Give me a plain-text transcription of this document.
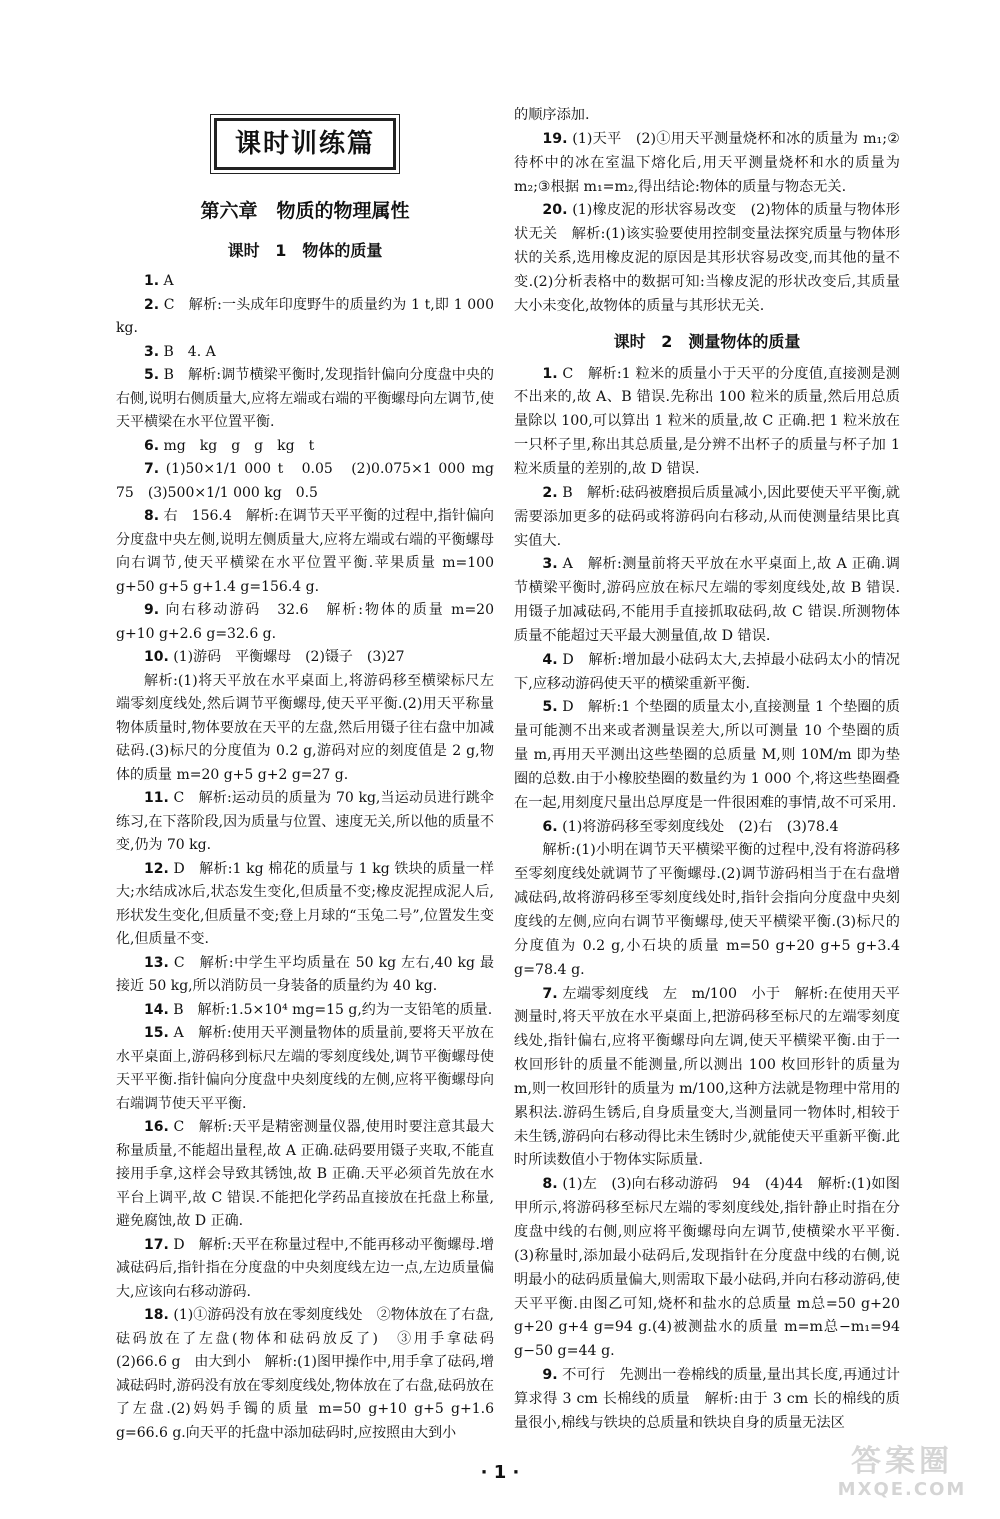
课时训练篇
第六章　物质的物理属性
课时 1　物体的质量

1. A

2. C　解析:一头成年印度野牛的质量约为 1 t,即 1 000 kg.

3. B　4. A

5. B　解析:调节横梁平衡时,发现指针偏向分度盘中央的右侧,说明右侧质量大,应将左端或右端的平衡螺母向左调节,使天平横梁在水平位置平衡.

6. mg　kg　g　g　kg　t

7. (1)50×1/1 000 t　0.05　(2)0.075×1 000 mg　75　(3)500×1/1 000 kg　0.5

8. 右　156.4　解析:在调节天平平衡的过程中,指针偏向分度盘中央左侧,说明左侧质量大,应将左端或右端的平衡螺母向右调节,使天平横梁在水平位置平衡.苹果质量 m=100 g+50 g+5 g+1.4 g=156.4 g.

9. 向右移动游码　32.6　解析:物体的质量 m=20 g+10 g+2.6 g=32.6 g.

10. (1)游码　平衡螺母　(2)镊子　(3)27

解析:(1)将天平放在水平桌面上,将游码移至横梁标尺左端零刻度线处,然后调节平衡螺母,使天平平衡.(2)用天平称量物体质量时,物体要放在天平的左盘,然后用镊子往右盘中加减砝码.(3)标尺的分度值为 0.2 g,游码对应的刻度值是 2 g,物体的质量 m=20 g+5 g+2 g=27 g.

11. C　解析:运动员的质量为 70 kg,当运动员进行跳伞练习,在下落阶段,因为质量与位置、速度无关,所以他的质量不变,仍为 70 kg.

12. D　解析:1 kg 棉花的质量与 1 kg 铁块的质量一样大;水结成冰后,状态发生变化,但质量不变;橡皮泥捏成泥人后,形状发生变化,但质量不变;登上月球的“玉兔二号”,位置发生变化,但质量不变.

13. C　解析:中学生平均质量在 50 kg 左右,40 kg 最接近 50 kg,所以消防员一身装备的质量约为 40 kg.

14. B　解析:1.5×10⁴ mg=15 g,约为一支铅笔的质量.

15. A　解析:使用天平测量物体的质量前,要将天平放在水平桌面上,游码移到标尺左端的零刻度线处,调节平衡螺母使天平平衡.指针偏向分度盘中央刻度线的左侧,应将平衡螺母向右端调节使天平平衡.

16. C　解析:天平是精密测量仪器,使用时要注意其最大称量质量,不能超出量程,故 A 正确.砝码要用镊子夹取,不能直接用手拿,这样会导致其锈蚀,故 B 正确.天平必须首先放在水平台上调平,故 C 错误.不能把化学药品直接放在托盘上称量,避免腐蚀,故 D 正确.

17. D　解析:天平在称量过程中,不能再移动平衡螺母.增减砝码后,指针指在分度盘的中央刻度线左边一点,左边质量偏大,应该向右移动游码.

18. (1)①游码没有放在零刻度线处　②物体放在了右盘,砝码放在了左盘(物体和砝码放反了)　③用手拿砝码　(2)66.6 g　由大到小　解析:(1)图甲操作中,用手拿了砝码,增减砝码时,游码没有放在零刻度线处,物体放在了右盘,砝码放在了左盘.(2)妈妈手镯的质量 m=50 g+10 g+5 g+1.6 g=66.6 g.向天平的托盘中添加砝码时,应按照由大到小

的顺序添加.

19. (1)天平　(2)①用天平测量烧杯和冰的质量为 m₁;②待杯中的冰在室温下熔化后,用天平测量烧杯和水的质量为 m₂;③根据 m₁=m₂,得出结论:物体的质量与物态无关.

20. (1)橡皮泥的形状容易改变　(2)物体的质量与物体形状无关　解析:(1)该实验要使用控制变量法探究质量与物体形状的关系,选用橡皮泥的原因是其形状容易改变,而其他的量不变.(2)分析表格中的数据可知:当橡皮泥的形状改变后,其质量大小未变化,故物体的质量与其形状无关.

课时 2　测量物体的质量

1. C　解析:1 粒米的质量小于天平的分度值,直接测是测不出来的,故 A、B 错误.先称出 100 粒米的质量,然后用总质量除以 100,可以算出 1 粒米的质量,故 C 正确.把 1 粒米放在一只杯子里,称出其总质量,是分辨不出杯子的质量与杯子加 1 粒米质量的差别的,故 D 错误.

2. B　解析:砝码被磨损后质量减小,因此要使天平平衡,就需要添加更多的砝码或将游码向右移动,从而使测量结果比真实值大.

3. A　解析:测量前将天平放在水平桌面上,故 A 正确.调节横梁平衡时,游码应放在标尺左端的零刻度线处,故 B 错误.用镊子加减砝码,不能用手直接抓取砝码,故 C 错误.所测物体质量不能超过天平最大测量值,故 D 错误.

4. D　解析:增加最小砝码太大,去掉最小砝码太小的情况下,应移动游码使天平的横梁重新平衡.

5. D　解析:1 个垫圈的质量太小,直接测量 1 个垫圈的质量可能测不出来或者测量误差大,所以可测量 10 个垫圈的质量 m,再用天平测出这些垫圈的总质量 M,则 10M/m 即为垫圈的总数.由于小橡胶垫圈的数量约为 1 000 个,将这些垫圈叠在一起,用刻度尺量出总厚度是一件很困难的事情,故不可采用.

6. (1)将游码移至零刻度线处　(2)右　(3)78.4

解析:(1)小明在调节天平横梁平衡的过程中,没有将游码移至零刻度线处就调节了平衡螺母.(2)调节游码相当于在右盘增减砝码,故将游码移至零刻度线处时,指针会指向分度盘中央刻度线的左侧,应向右调节平衡螺母,使天平横梁平衡.(3)标尺的分度值为 0.2 g,小石块的质量 m=50 g+20 g+5 g+3.4 g=78.4 g.

7. 左端零刻度线　左　m/100　小于　解析:在使用天平测量时,将天平放在水平桌面上,把游码移至标尺的左端零刻度线处,指针偏右,应将平衡螺母向左调,使天平横梁平衡.由于一枚回形针的质量不能测量,所以测出 100 枚回形针的质量为 m,则一枚回形针的质量为 m/100,这种方法就是物理中常用的累积法.游码生锈后,自身质量变大,当测量同一物体时,相较于未生锈,游码向右移动得比未生锈时少,就能使天平重新平衡.此时所读数值小于物体实际质量.

8. (1)左　(3)向右移动游码　94　(4)44　解析:(1)如图甲所示,将游码移至标尺左端的零刻度线处,指针静止时指在分度盘中线的右侧,则应将平衡螺母向左调节,使横梁水平平衡.(3)称量时,添加最小砝码后,发现指针在分度盘中线的右侧,说明最小的砝码质量偏大,则需取下最小砝码,并向右移动游码,使天平平衡.由图乙可知,烧杯和盐水的总质量 m总=50 g+20 g+20 g+4 g=94 g.(4)被测盐水的质量 m=m总−m₁=94 g−50 g=44 g.

9. 不可行　先测出一卷棉线的质量,量出其长度,再通过计算求得 3 cm 长棉线的质量　解析:由于 3 cm 长的棉线的质量很小,棉线与铁块的总质量和铁块自身的质量无法区

· 1 ·	答案圈
MXQE.COM
